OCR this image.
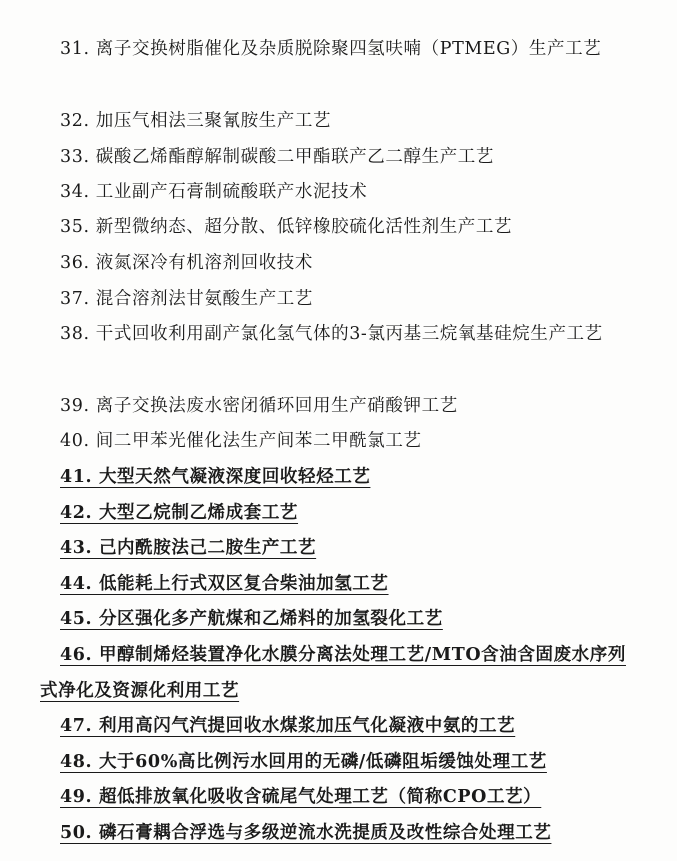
31. 离子交换树脂催化及杂质脱除聚四氢呋喃（PTMEG）生产工艺
32. 加压气相法三聚氰胺生产工艺
33. 碳酸乙烯酯醇解制碳酸二甲酯联产乙二醇生产工艺
34. 工业副产石膏制硫酸联产水泥技术
35. 新型微纳态、超分散、低锌橡胶硫化活性剂生产工艺
36. 液氮深冷有机溶剂回收技术
37. 混合溶剂法甘氨酸生产工艺
38. 干式回收利用副产氯化氢气体的3-氯丙基三烷氧基硅烷生产工艺
39. 离子交换法废水密闭循环回用生产硝酸钾工艺
40. 间二甲苯光催化法生产间苯二甲酰氯工艺
41. 大型天然气凝液深度回收轻烃工艺
42. 大型乙烷制乙烯成套工艺
43. 己内酰胺法己二胺生产工艺
44. 低能耗上行式双区复合柴油加氢工艺
45. 分区强化多产航煤和乙烯料的加氢裂化工艺
46. 甲醇制烯烃装置净化水膜分离法处理工艺/MTO含油含固废水序列式净化及资源化利用工艺
47. 利用高闪气汽提回收水煤浆加压气化凝液中氨的工艺
48. 大于60%高比例污水回用的无磷/低磷阻垢缓蚀处理工艺
49. 超低排放氧化吸收含硫尾气处理工艺（简称CPO工艺）
50. 磷石膏耦合浮选与多级逆流水洗提质及改性综合处理工艺
